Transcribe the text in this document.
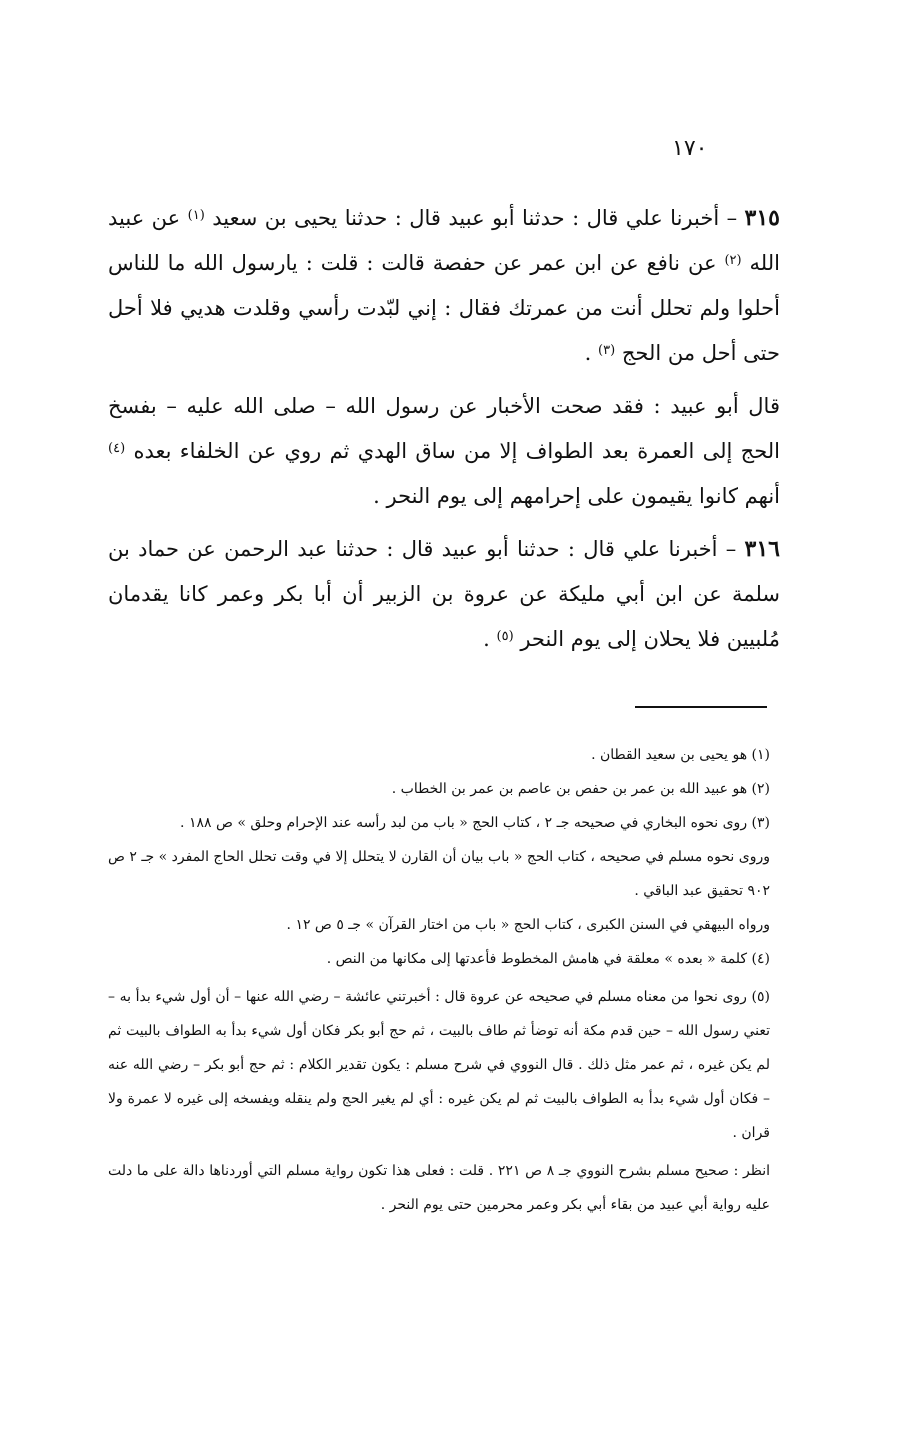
١٧٠

٣١٥ – أخبرنا علي قال : حدثنا أبو عبيد قال : حدثنا يحيى بن سعيد $^{(١)}$ عن عبيد الله $^{(٢)}$ عن نافع عن ابن عمر عن حفصة قالت : قلت : يارسول الله ما للناس أحلوا ولم تحلل أنت من عمرتك فقال : إني لبّدت رأسي وقلدت هديي فلا أحل حتى أحل من الحج $^{(٣)}$ .

قال أبو عبيد : فقد صحت الأخبار عن رسول الله – صلى الله عليه – بفسخ الحج إلى العمرة بعد الطواف إلا من ساق الهدي ثم روي عن الخلفاء بعده $^{(٤)}$ أنهم كانوا يقيمون على إحرامهم إلى يوم النحر .

٣١٦ – أخبرنا علي قال : حدثنا أبو عبيد قال : حدثنا عبد الرحمن عن حماد بن سلمة عن ابن أبي مليكة عن عروة بن الزبير أن أبا بكر وعمر كانا يقدمان مُلبيين فلا يحلان إلى يوم النحر $^{(٥)}$ .

(١) هو يحيى بن سعيد القطان .

(٢) هو عبيد الله بن عمر بن حفص بن عاصم بن عمر بن الخطاب .

(٣) روى نحوه البخاري في صحيحه جـ ٢ ، كتاب الحج « باب من لبد رأسه عند الإحرام وحلق » ص ١٨٨ .

وروى نحوه مسلم في صحيحه ، كتاب الحج « باب بيان أن القارن لا يتحلل إلا في وقت تحلل الحاج المفرد » جـ ٢ ص ٩٠٢ تحقيق عبد الباقي .

ورواه البيهقي في السنن الكبرى ، كتاب الحج « باب من اختار القرآن » جـ ٥ ص ١٢ .

(٤) كلمة « بعده » معلقة في هامش المخطوط فأعدتها إلى مكانها من النص .

(٥) روى نحوا من معناه مسلم في صحيحه عن عروة قال : أخبرتني عائشة – رضي الله عنها – أن أول شيء بدأ به – تعني رسول الله – حين قدم مكة أنه توضأ ثم طاف بالبيت ، ثم حج أبو بكر فكان أول شيء بدأ به الطواف بالبيت ثم لم يكن غيره ، ثم عمر مثل ذلك . قال النووي في شرح مسلم : يكون تقدير الكلام : ثم حج أبو بكر – رضي الله عنه – فكان أول شيء بدأ به الطواف بالبيت ثم لم يكن غيره : أي لم يغير الحج ولم ينقله ويفسخه إلى غيره لا عمرة ولا قران .

انظر : صحيح مسلم بشرح النووي جـ ٨ ص ٢٢١ . قلت : فعلى هذا تكون رواية مسلم التي أوردناها دالة على ما دلت عليه رواية أبي عبيد من بقاء أبي بكر وعمر محرمين حتى يوم النحر .
